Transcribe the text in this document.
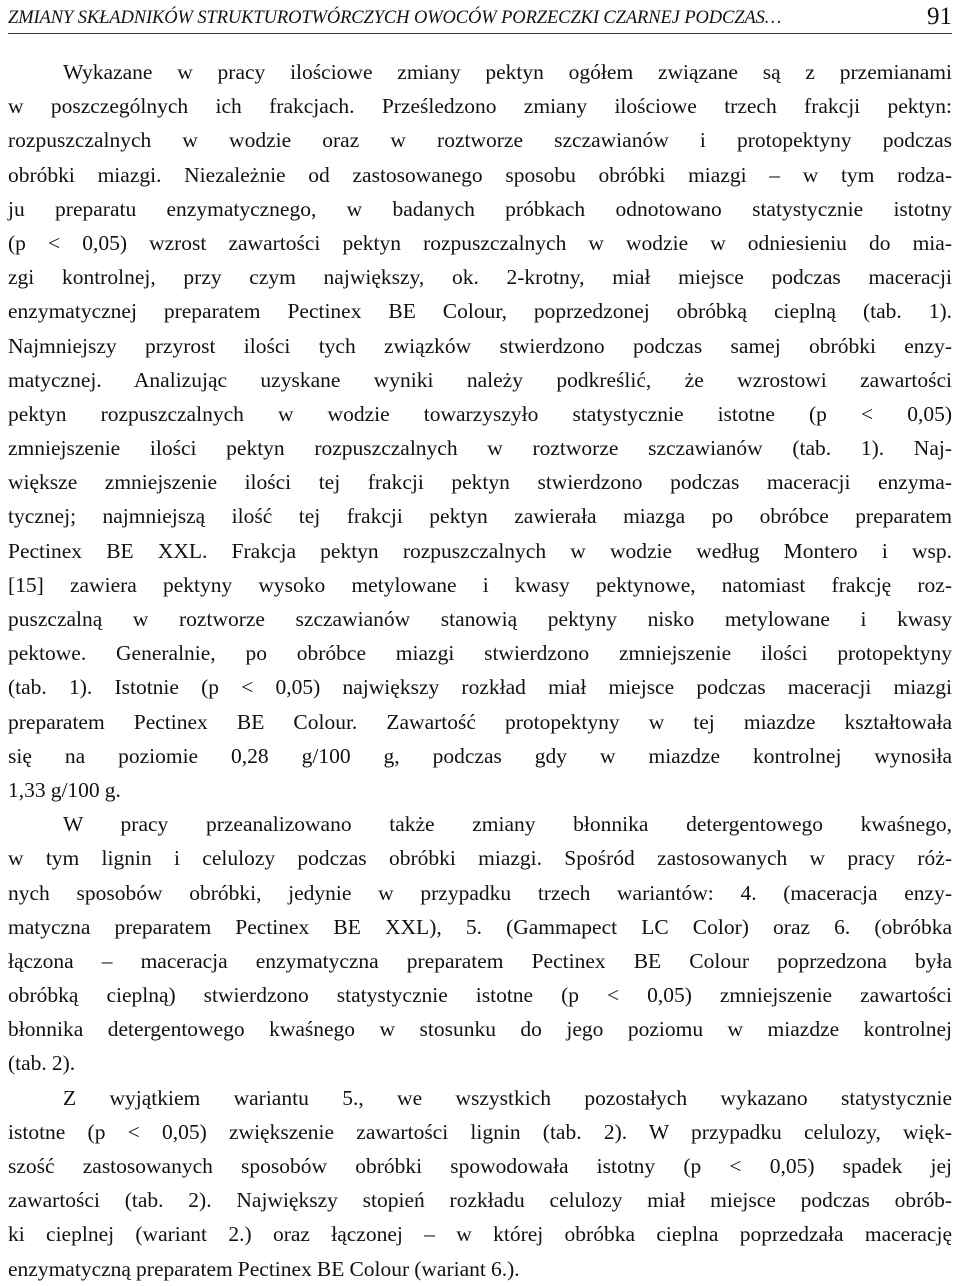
ZMIANY SKŁADNIKÓW STRUKTUROTWÓRCZYCH OWOCÓW PORZECZKI CZARNEJ PODCZAS…	91

Wykazane w pracy ilościowe zmiany pektyn ogółem związane są z przemianami
w poszczególnych ich frakcjach. Prześledzono zmiany ilościowe trzech frakcji pektyn:
rozpuszczalnych w wodzie oraz w roztworze szczawianów i protopektyny podczas
obróbki miazgi. Niezależnie od zastosowanego sposobu obróbki miazgi – w tym rodza-
ju preparatu enzymatycznego, w badanych próbkach odnotowano statystycznie istotny
(p < 0,05) wzrost zawartości pektyn rozpuszczalnych w wodzie w odniesieniu do mia-
zgi kontrolnej, przy czym największy, ok. 2-krotny, miał miejsce podczas maceracji
enzymatycznej preparatem Pectinex BE Colour, poprzedzonej obróbką cieplną (tab. 1).
Najmniejszy przyrost ilości tych związków stwierdzono podczas samej obróbki enzy-
matycznej. Analizując uzyskane wyniki należy podkreślić, że wzrostowi zawartości
pektyn rozpuszczalnych w wodzie towarzyszyło statystycznie istotne (p < 0,05)
zmniejszenie ilości pektyn rozpuszczalnych w roztworze szczawianów (tab. 1). Naj-
większe zmniejszenie ilości tej frakcji pektyn stwierdzono podczas maceracji enzyma-
tycznej; najmniejszą ilość tej frakcji pektyn zawierała miazga po obróbce preparatem
Pectinex BE XXL. Frakcja pektyn rozpuszczalnych w wodzie według Montero i wsp.
[15] zawiera pektyny wysoko metylowane i kwasy pektynowe, natomiast frakcję roz-
puszczalną w roztworze szczawianów stanowią pektyny nisko metylowane i kwasy
pektowe. Generalnie, po obróbce miazgi stwierdzono zmniejszenie ilości protopektyny
(tab. 1). Istotnie (p < 0,05) największy rozkład miał miejsce podczas maceracji miazgi
preparatem Pectinex BE Colour. Zawartość protopektyny w tej miazdze kształtowała
się na poziomie 0,28 g/100 g, podczas gdy w miazdze kontrolnej wynosiła
1,33 g/100 g.

W pracy przeanalizowano także zmiany błonnika detergentowego kwaśnego,
w tym lignin i celulozy podczas obróbki miazgi. Spośród zastosowanych w pracy róż-
nych sposobów obróbki, jedynie w przypadku trzech wariantów: 4. (maceracja enzy-
matyczna preparatem Pectinex BE XXL), 5. (Gammapect LC Color) oraz 6. (obróbka
łączona – maceracja enzymatyczna preparatem Pectinex BE Colour poprzedzona była
obróbką cieplną) stwierdzono statystycznie istotne (p < 0,05) zmniejszenie zawartości
błonnika detergentowego kwaśnego w stosunku do jego poziomu w miazdze kontrolnej
(tab. 2).

Z wyjątkiem wariantu 5., we wszystkich pozostałych wykazano statystycznie
istotne (p < 0,05) zwiększenie zawartości lignin (tab. 2). W przypadku celulozy, więk-
szość zastosowanych sposobów obróbki spowodowała istotny (p < 0,05) spadek jej
zawartości (tab. 2). Największy stopień rozkładu celulozy miał miejsce podczas obrób-
ki cieplnej (wariant 2.) oraz łączonej – w której obróbka cieplna poprzedzała macerację
enzymatyczną preparatem Pectinex BE Colour (wariant 6.).
